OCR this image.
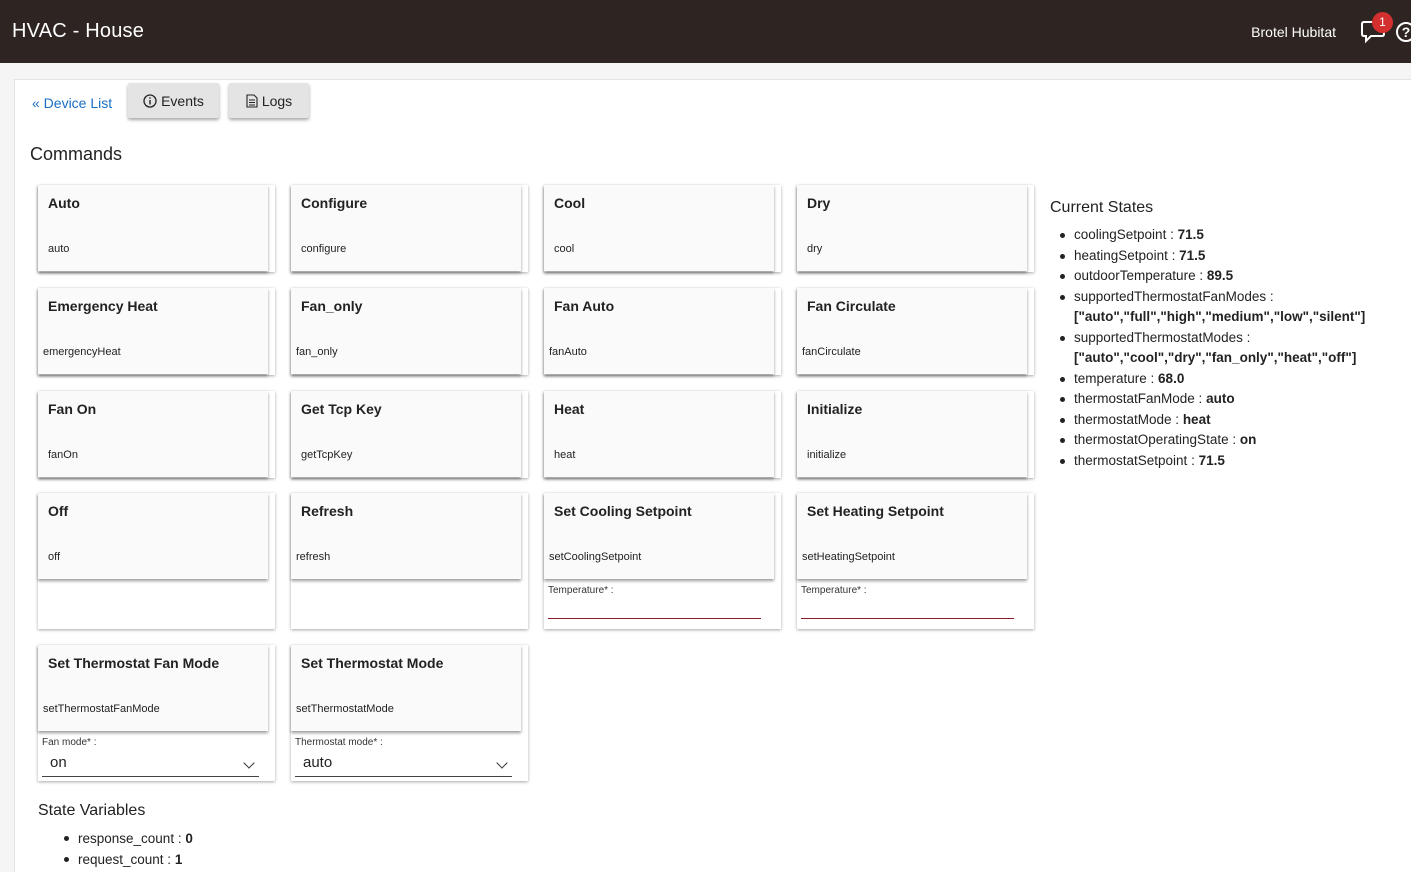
HVAC - House	Brotel Hubitat
1
?
« Device List	Events	Logs
Commands
Auto
auto
Configure
configure
Cool
cool
Dry
dry
Emergency Heat
emergencyHeat
Fan_only
fan_only
Fan Auto
fanAuto
Fan Circulate
fanCirculate
Fan On
fanOn
Get Tcp Key
getTcpKey
Heat
heat
Initialize
initialize
Off
off
Refresh
refresh
Set Cooling Setpoint
setCoolingSetpoint
Temperature* :
Set Heating Setpoint
setHeatingSetpoint
Temperature* :
Set Thermostat Fan Mode
setThermostatFanMode
Fan mode* :
on
Set Thermostat Mode
setThermostatMode
Thermostat mode* :
auto
Current States
coolingSetpoint : 71.5
heatingSetpoint : 71.5
outdoorTemperature : 89.5
supportedThermostatFanModes :
["auto","full","high","medium","low","silent"]
supportedThermostatModes :
["auto","cool","dry","fan_only","heat","off"]
temperature : 68.0
thermostatFanMode : auto
thermostatMode : heat
thermostatOperatingState : on
thermostatSetpoint : 71.5
State Variables
response_count : 0
request_count : 1
